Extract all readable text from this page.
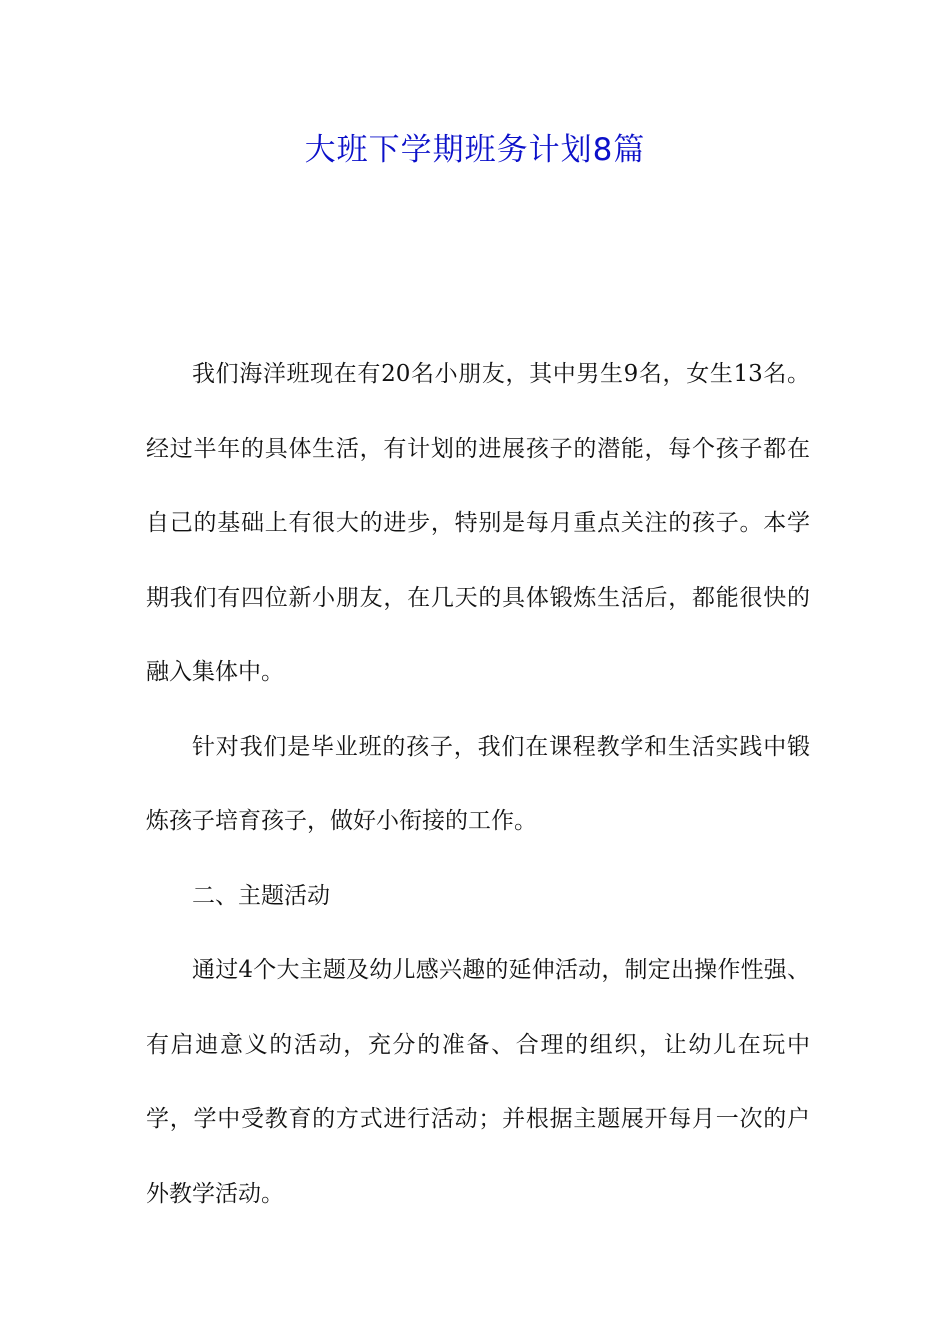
大班下学期班务计划8篇

我们海洋班现在有20名小朋友，其中男生9名，女生13名。经过半年的具体生活，有计划的进展孩子的潜能，每个孩子都在自己的基础上有很大的进步，特别是每月重点关注的孩子。本学期我们有四位新小朋友，在几天的具体锻炼生活后，都能很快的融入集体中。

针对我们是毕业班的孩子，我们在课程教学和生活实践中锻炼孩子培育孩子，做好小衔接的工作。

二、主题活动

通过4个大主题及幼儿感兴趣的延伸活动，制定出操作性强、有启迪意义的活动，充分的准备、合理的组织，让幼儿在玩中学，学中受教育的方式进行活动；并根据主题展开每月一次的户外教学活动。
